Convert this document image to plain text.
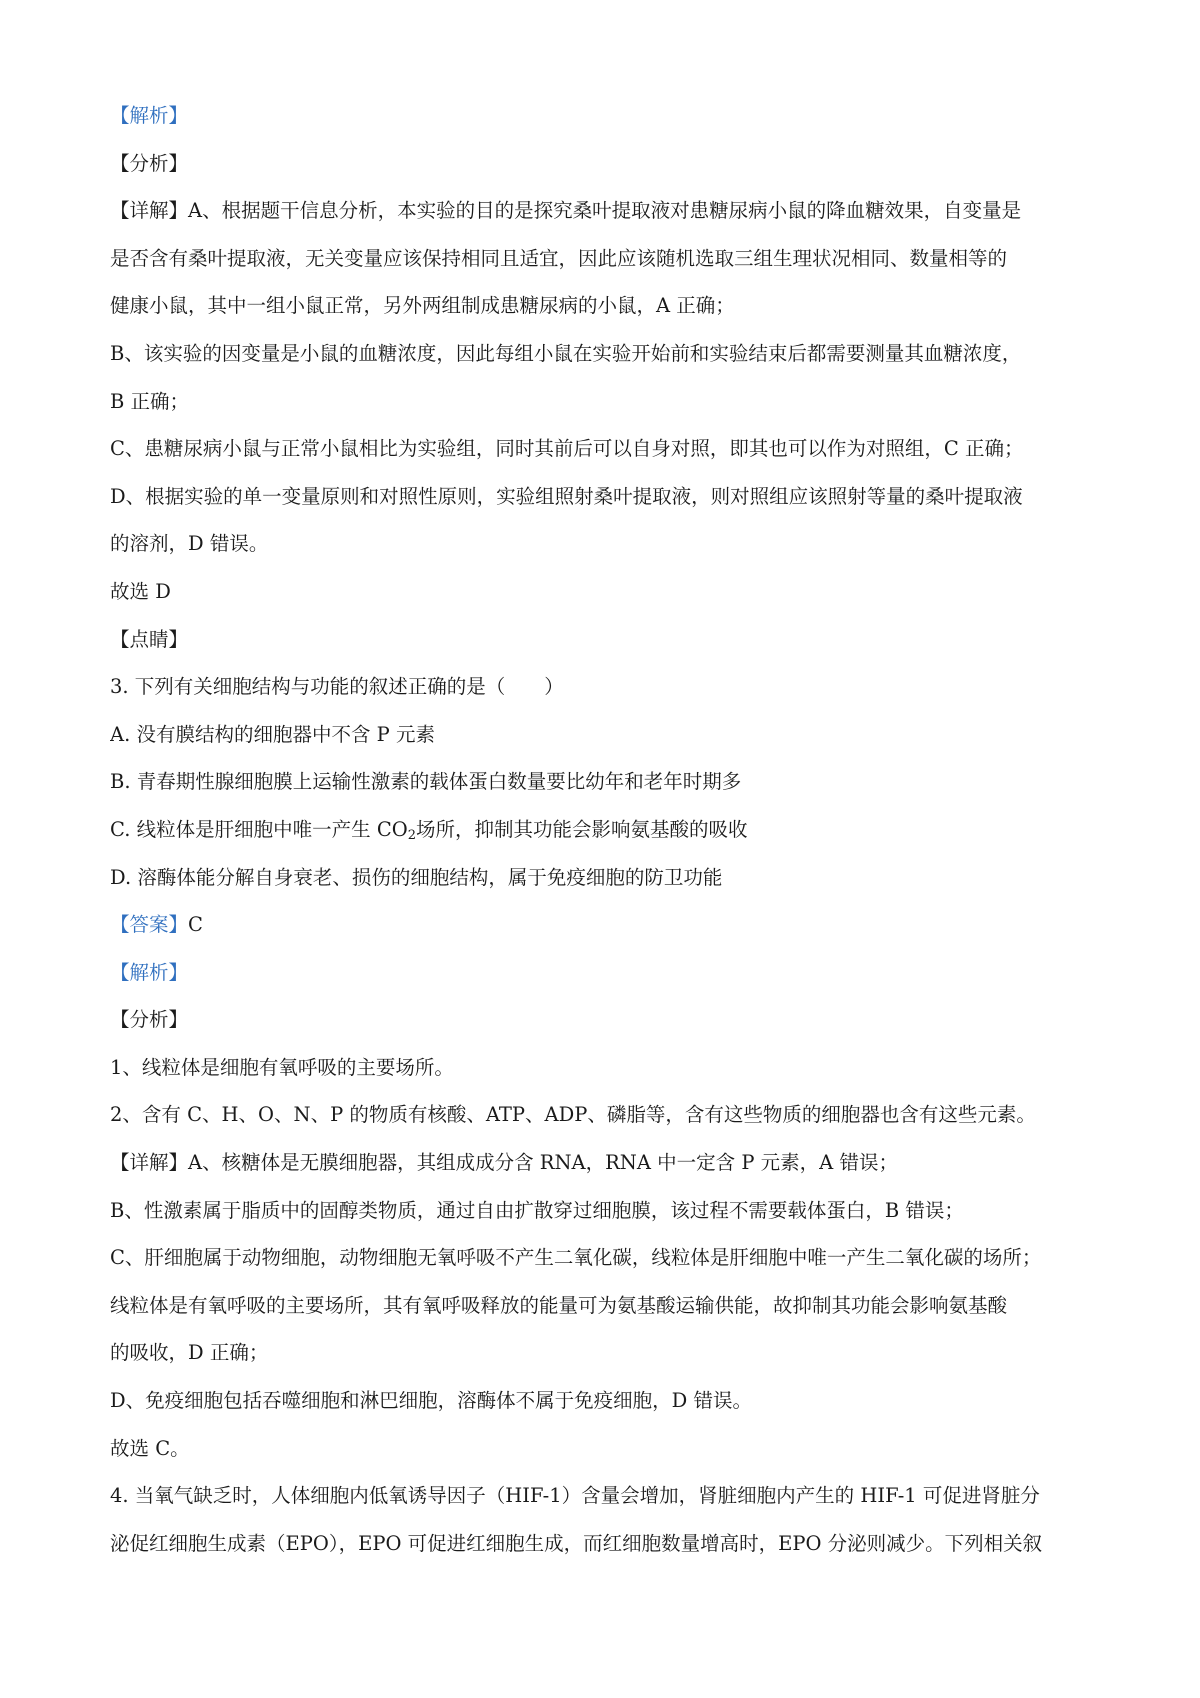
【解析】
【分析】
【详解】A、根据题干信息分析，本实验的目的是探究桑叶提取液对患糖尿病小鼠的降血糖效果，自变量是
是否含有桑叶提取液，无关变量应该保持相同且适宜，因此应该随机选取三组生理状况相同、数量相等的
健康小鼠，其中一组小鼠正常，另外两组制成患糖尿病的小鼠，A 正确；
B、该实验的因变量是小鼠的血糖浓度，因此每组小鼠在实验开始前和实验结束后都需要测量其血糖浓度，
B 正确；
C、患糖尿病小鼠与正常小鼠相比为实验组，同时其前后可以自身对照，即其也可以作为对照组，C 正确；
D、根据实验的单一变量原则和对照性原则，实验组照射桑叶提取液，则对照组应该照射等量的桑叶提取液
的溶剂，D 错误。
故选 D
【点睛】
3. 下列有关细胞结构与功能的叙述正确的是（　　）
A. 没有膜结构的细胞器中不含 P 元素
B. 青春期性腺细胞膜上运输性激素的载体蛋白数量要比幼年和老年时期多
C. 线粒体是肝细胞中唯一产生 $CO_2$场所，抑制其功能会影响氨基酸的吸收
D. 溶酶体能分解自身衰老、损伤的细胞结构，属于免疫细胞的防卫功能
【答案】C
【解析】
【分析】
1、线粒体是细胞有氧呼吸的主要场所。
2、含有 C、H、O、N、P 的物质有核酸、ATP、ADP、磷脂等，含有这些物质的细胞器也含有这些元素。
【详解】A、核糖体是无膜细胞器，其组成成分含 RNA，RNA 中一定含 P 元素，A 错误；
B、性激素属于脂质中的固醇类物质，通过自由扩散穿过细胞膜，该过程不需要载体蛋白，B 错误；
C、肝细胞属于动物细胞，动物细胞无氧呼吸不产生二氧化碳，线粒体是肝细胞中唯一产生二氧化碳的场所；
线粒体是有氧呼吸的主要场所，其有氧呼吸释放的能量可为氨基酸运输供能，故抑制其功能会影响氨基酸
的吸收，D 正确；
D、免疫细胞包括吞噬细胞和淋巴细胞，溶酶体不属于免疫细胞，D 错误。
故选 C。
4. 当氧气缺乏时，人体细胞内低氧诱导因子（HIF-1）含量会增加，肾脏细胞内产生的 HIF-1 可促进肾脏分
泌促红细胞生成素（EPO），EPO 可促进红细胞生成，而红细胞数量增高时，EPO 分泌则减少。下列相关叙
